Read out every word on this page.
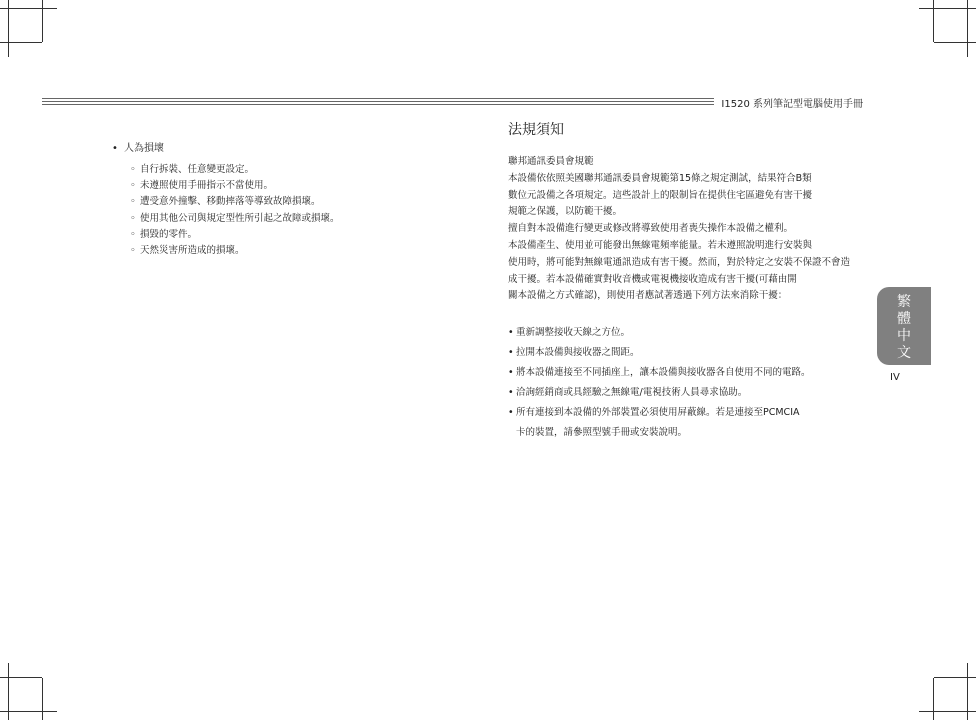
I1520 系列筆記型電腦使用手冊
• 人為損壞
◦ 自行拆裝、任意變更設定。
◦ 未遵照使用手冊指示不當使用。
◦ 遭受意外撞擊、移動摔落等導致故障損壞。
◦ 使用其他公司與規定型性所引起之故障或損壞。
◦ 損毀的零件。
◦ 天然災害所造成的損壞。
法規須知

聯邦通訊委員會規範
本設備依依照美國聯邦通訊委員會規範第15條之規定測試，結果符合B類
數位元設備之各項規定。這些設計上的限制旨在提供住宅區避免有害干擾
規範之保護，以防範干擾。
擅自對本設備進行變更或修改將導致使用者喪失操作本設備之權利。
本設備產生、使用並可能發出無線電頻率能量。若未遵照說明進行安裝與
使用時，將可能對無線電通訊造成有害干擾。然而，對於特定之安裝不保證不會造
成干擾。若本設備確實對收音機或電視機接收造成有害干擾(可藉由開
關本設備之方式確認)，則使用者應試著透過下列方法來消除干擾：

• 重新調整接收天線之方位。
• 拉開本設備與接收器之間距。
• 將本設備連接至不同插座上，讓本設備與接收器各自使用不同的電路。
• 洽詢經銷商或具經驗之無線電/電視技術人員尋求協助。
• 所有連接到本設備的外部裝置必須使用屏蔽線。若是連接至PCMCIA
卡的裝置，請參照型號手冊或安裝說明。
繁
體
中
文
IV
